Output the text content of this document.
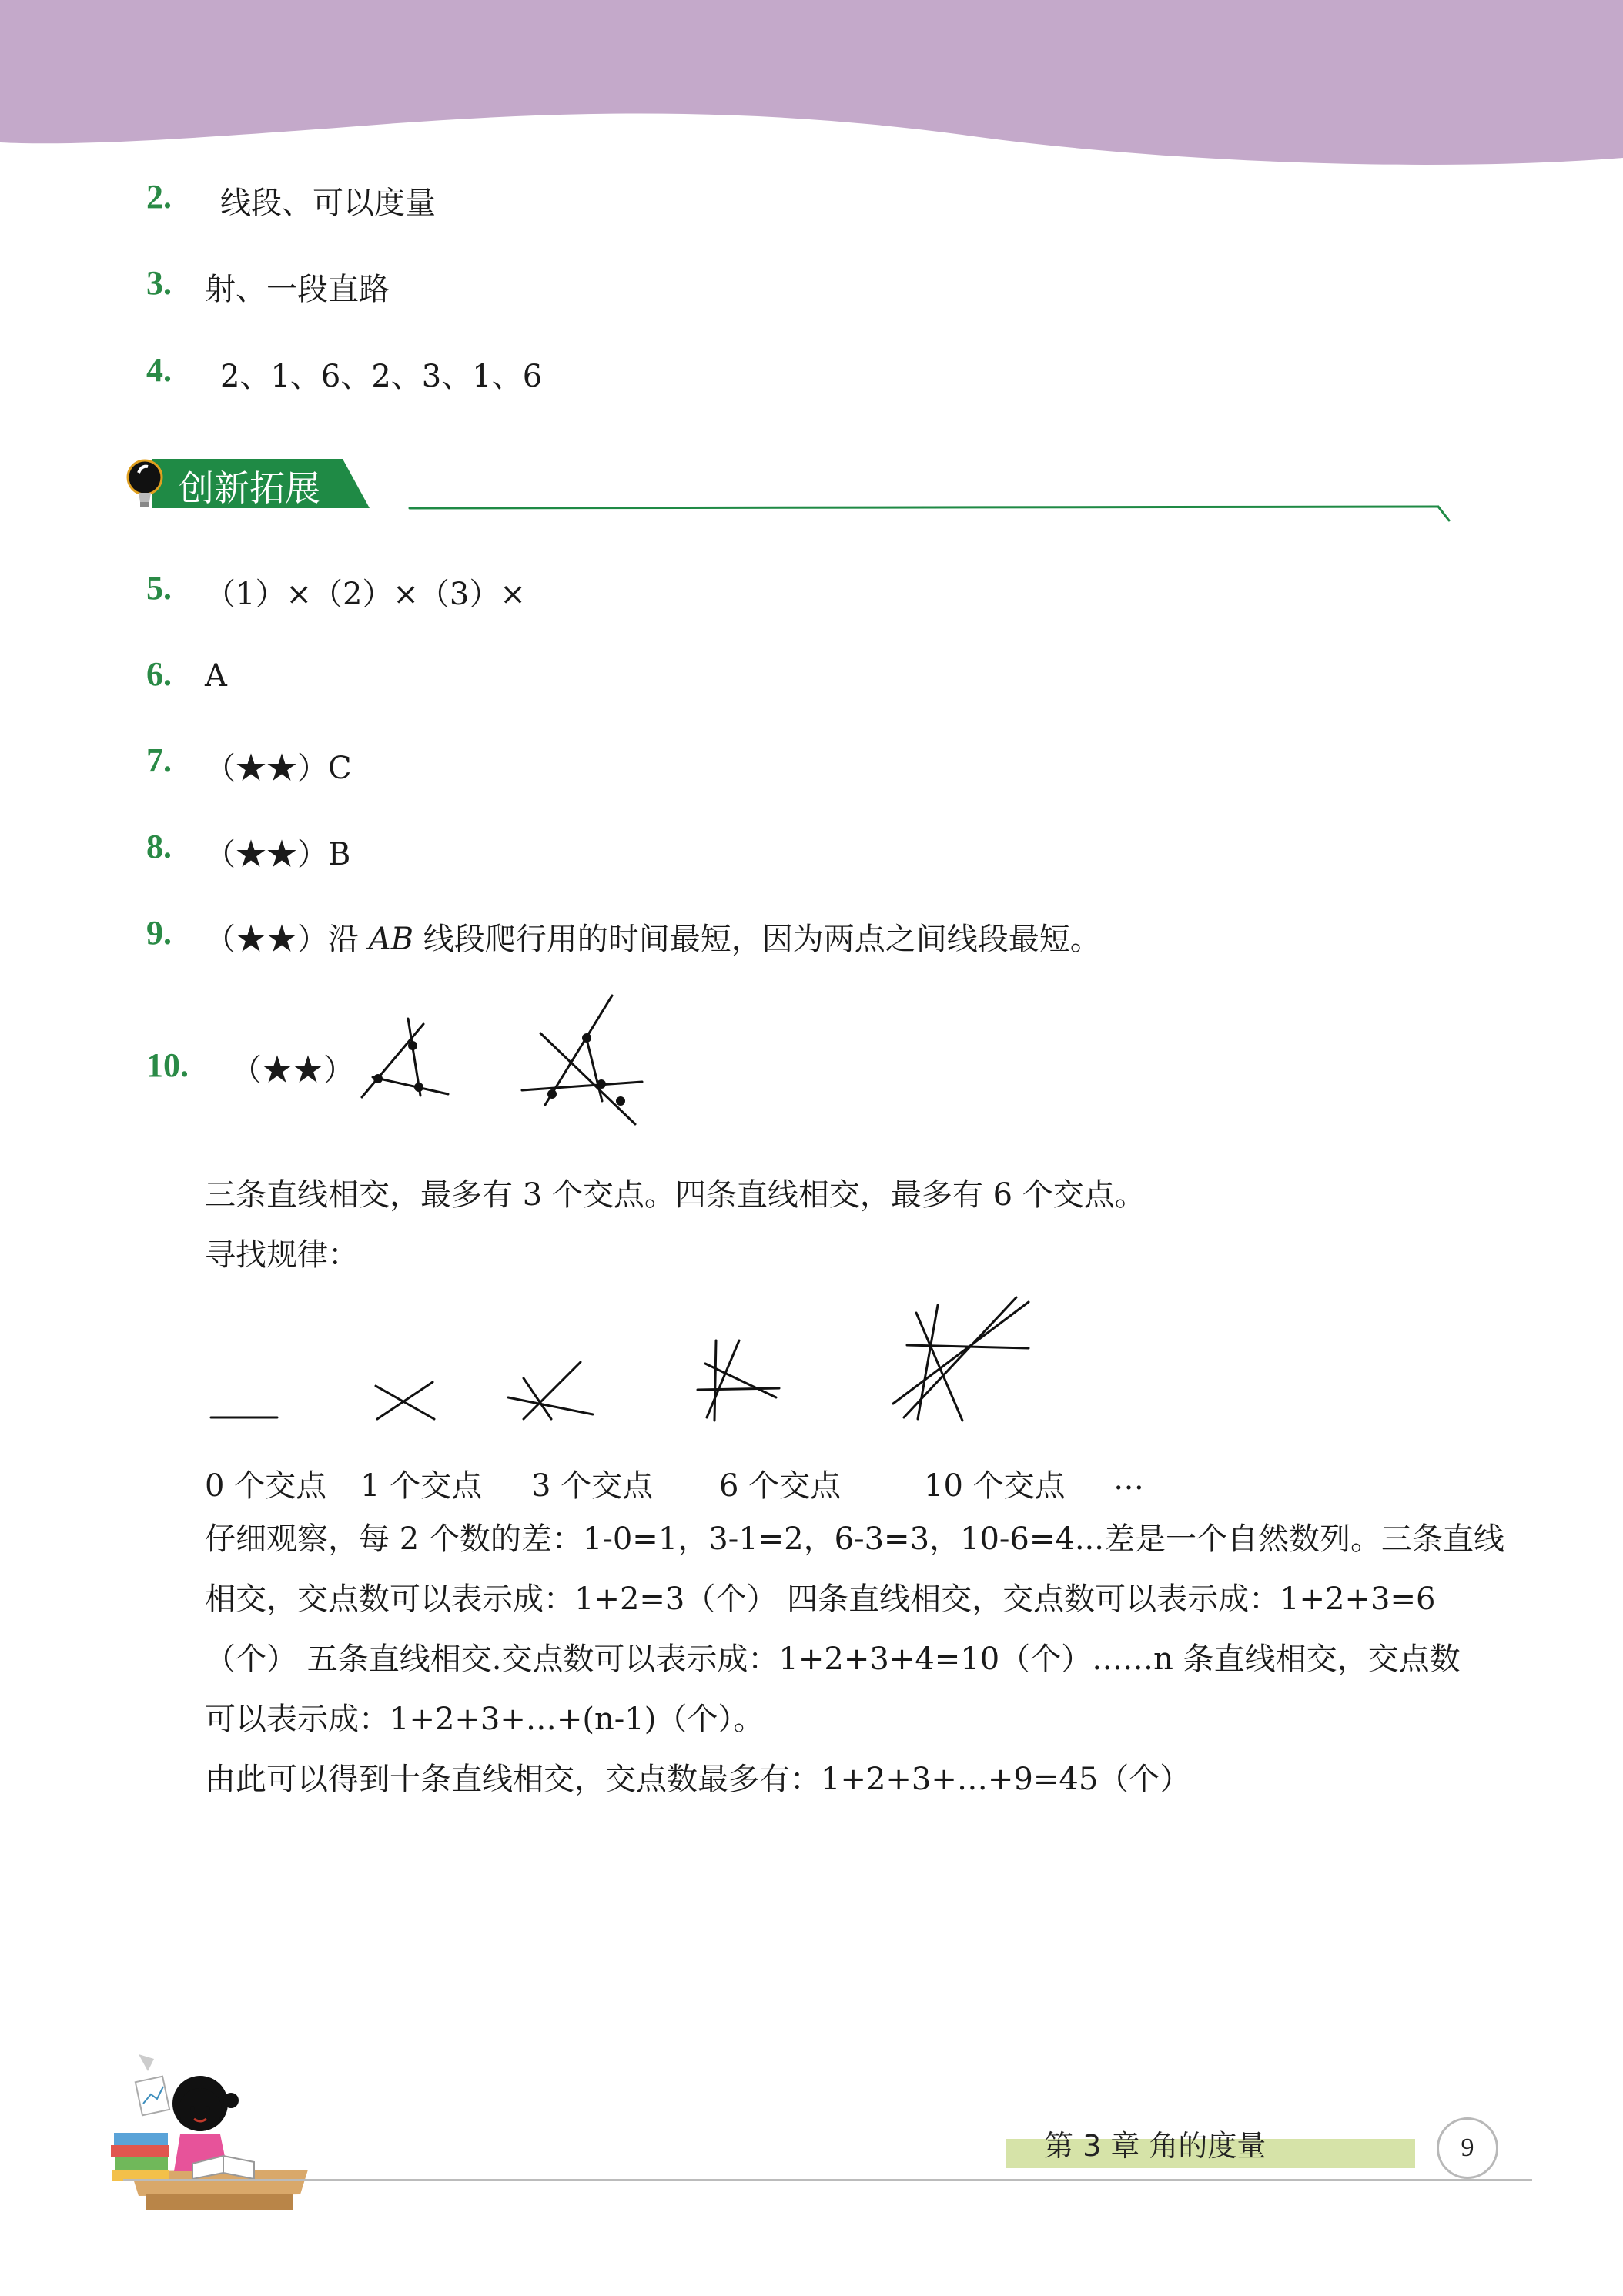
2. 线段、可以度量
3. 射、一段直路
4. 2、1、6、2、3、1、6
创新拓展
5. （1）×（2）×（3）×
6. A
7. （★★）C
8. （★★）B
9. （★★）沿 AB 线段爬行用的时间最短，因为两点之间线段最短。
10. （★★）
三条直线相交，最多有 3 个交点。四条直线相交，最多有 6 个交点。
寻找规律：
0 个交点 1 个交点 3 个交点 6 个交点	10 个交点 …
仔细观察，每 2 个数的差：1-0=1，3-1=2，6-3=3，10-6=4...差是一个自然数列。三条直线
相交，交点数可以表示成：1+2=3（个） 四条直线相交，交点数可以表示成：1+2+3=6
（个） 五条直线相交.交点数可以表示成：1+2+3+4=10（个）……n 条直线相交，交点数
可以表示成：1+2+3+…+(n-1)（个）。
由此可以得到十条直线相交，交点数最多有：1+2+3+…+9=45（个）
第 3 章 角的度量	9
